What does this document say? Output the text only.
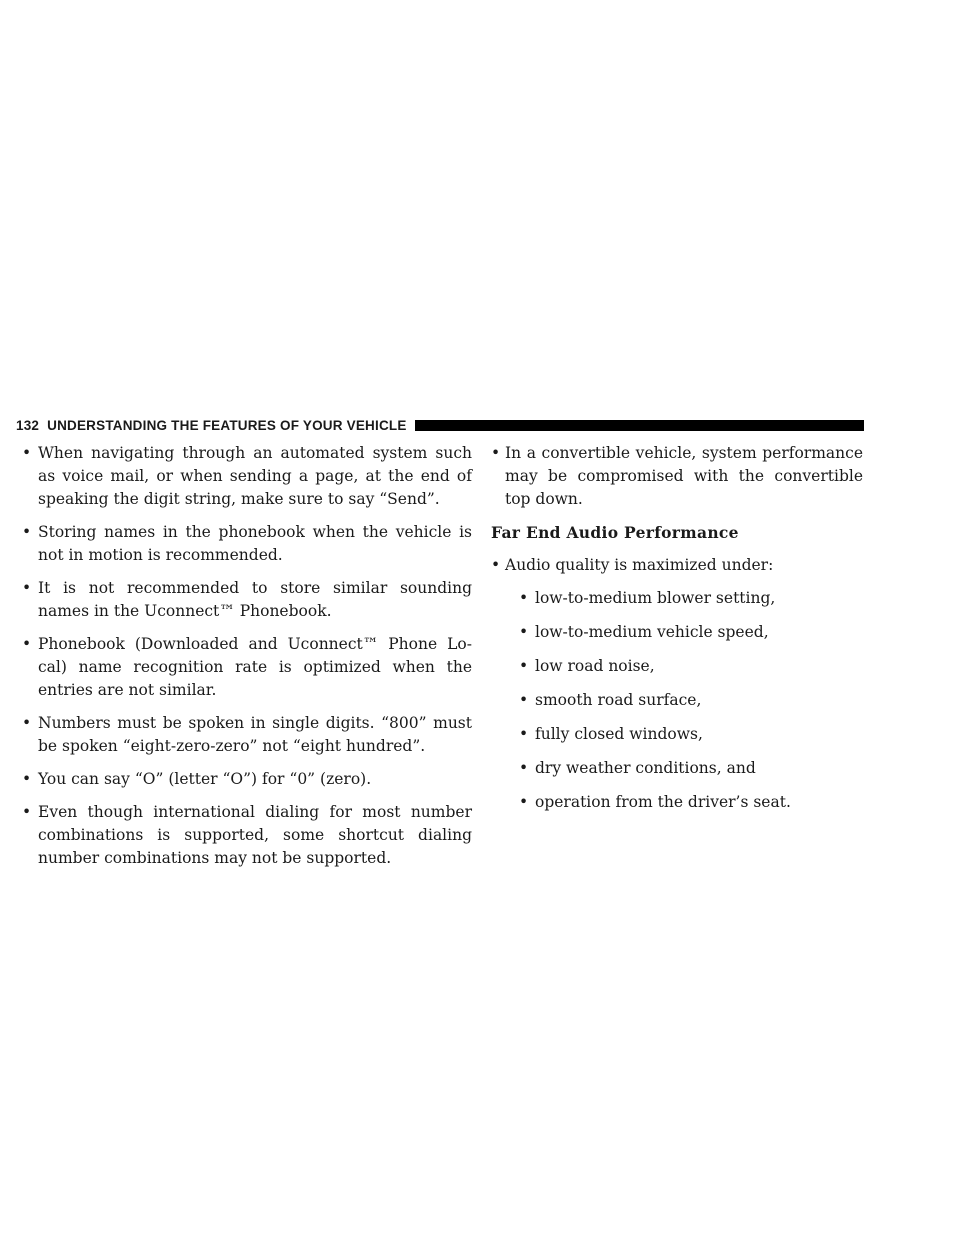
132 UNDERSTANDING THE FEATURES OF YOUR VEHICLE
• When navigating through an automated system such as voice mail, or when sending a page, at the end of speaking the digit string, make sure to say “Send”.
• Storing names in the phonebook when the vehicle is not in motion is recommended.
• It is not recommended to store similar sounding names in the Uconnect™ Phonebook.
• Phonebook (Downloaded and Uconnect™ Phone Lo-cal) name recognition rate is optimized when the entries are not similar.
• Numbers must be spoken in single digits. “800” must be spoken “eight-zero-zero” not “eight hundred”.
• You can say “O” (letter “O”) for “0” (zero).
• Even though international dialing for most number combinations is supported, some shortcut dialing number combinations may not be supported.
• In a convertible vehicle, system performance may be compromised with the convertible top down.
Far End Audio Performance
• Audio quality is maximized under:
• low-to-medium blower setting,
• low-to-medium vehicle speed,
• low road noise,
• smooth road surface,
• fully closed windows,
• dry weather conditions, and
• operation from the driver’s seat.
